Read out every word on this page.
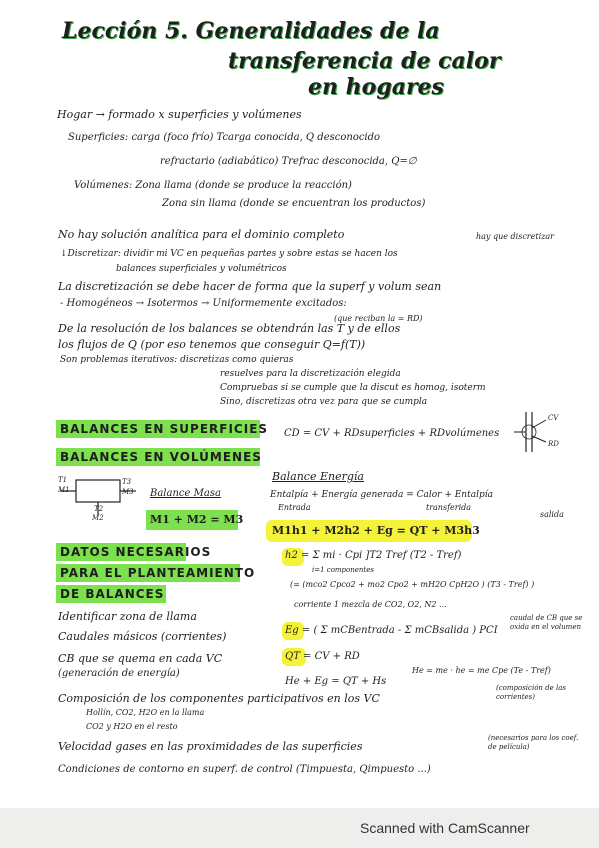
Lección 5. Generalidades de la
transferencia de calor
en hogares
Hogar → formado x superficies y volúmenes
Superficies: carga (foco frío) Tcarga conocida, Q desconocido
refractario (adiabático) Trefrac desconocida, Q=∅
Volúmenes: Zona llama (donde se produce la reacción)
Zona sin llama (donde se encuentran los productos)
No hay solución analítica para el dominio completo	hay que discretizar
↓Discretizar: dividir mi VC en pequeñas partes y sobre estas se hacen los
balances superficiales y volumétricos
La discretización se debe hacer de forma que la superf y volum sean
- Homogéneos → Isotermos → Uniformemente excitados:
(que reciban la = RD)
De la resolución de los balances se obtendrán las T y de ellos
los flujos de Q (por eso tenemos que conseguir Q=f(T))
Son problemas iterativos: discretizas como quieras
resuelves para la discretización elegida
Compruebas si se cumple que la discut es homog, isoterm
Sino, discretizas otra vez para que se cumpla
BALANCES EN SUPERFICIES CD = CV + RDsuperficies + RDvolúmenes
CV
RD
BALANCES EN VOLÚMENES
T1
M1
T3
M3
T2
M2
Balance Masa
M1 + M2 = M3
Balance Energía
Entalpía + Energía generada = Calor + Entalpía
Entrada	transferida
salida
M1h1 + M2h2 + Eg = QT + M3h3
h2 = Σ mi · Cpi ]T2 Tref (T2 - Tref)
i=1 componentes
(= (mco2 Cpco2 + mo2 Cpo2 + mH2O CpH2O ) (T3 - Tref) )
corriente 1 mezcla de CO2, O2, N2 ...
Eg = ( Σ mCBentrada - Σ mCBsalida ) PCI
caudal de CB que se oxida en el volumen
QT = CV + RD
He + Eg = QT + Hs
He = me · he = me Cpe (Te - Tref)
DATOS NECESARIOS
PARA EL PLANTEAMIENTO
DE BALANCES
Identificar zona de llama
Caudales másicos (corrientes)
CB que se quema en cada VC
(generación de energía)
Composición de los componentes participativos en los VC
(composición de las corrientes)
Hollín, CO2, H2O en la llama
CO2 y H2O en el resto
Velocidad gases en las proximidades de las superficies
(necesarios para los coef. de película)
Condiciones de contorno en superf. de control (Timpuesta, Qimpuesto ...)
Scanned with CamScanner
